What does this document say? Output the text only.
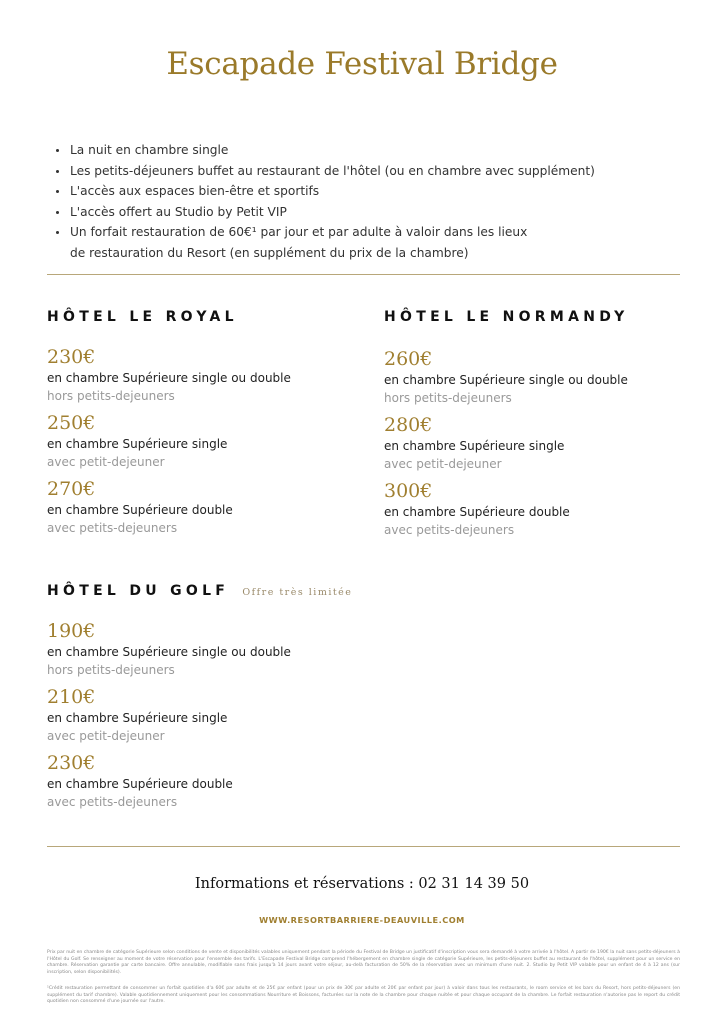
Escapade Festival Bridge
La nuit en chambre single
Les petits-déjeuners buffet au restaurant de l'hôtel (ou en chambre avec supplément)
L'accès aux espaces bien-être et sportifs
L'accès offert au Studio by Petit VIP
Un forfait restauration de 60€¹ par jour et par adulte à valoir dans les lieux de restauration du Resort (en supplément du prix de la chambre)
HÔTEL LE ROYAL
230€
en chambre Supérieure single ou double
hors petits-dejeuners
250€
en chambre Supérieure single
avec petit-dejeuner
270€
en chambre Supérieure double
avec petits-dejeuners
HÔTEL LE NORMANDY
260€
en chambre Supérieure single ou double
hors petits-dejeuners
280€
en chambre Supérieure single
avec petit-dejeuner
300€
en chambre Supérieure double
avec petits-dejeuners
HÔTEL DU GOLF Offre très limitée
190€
en chambre Supérieure single ou double
hors petits-dejeuners
210€
en chambre Supérieure single
avec petit-dejeuner
230€
en chambre Supérieure double
avec petits-dejeuners
Informations et réservations : 02 31 14 39 50
WWW.RESORTBARRIERE-DEAUVILLE.COM
Prix par nuit en chambre de catégorie Supérieure selon conditions de vente et disponibilités valables uniquement pendant la période du Festival de Bridge un justificatif d'inscription vous sera demandé à votre arrivée à l'hôtel. A partir de 190€ la nuit sans petits-déjeuners à l'Hôtel du Golf. Se renseigner au moment de votre réservation pour l'ensemble des tarifs. L'Escapade Festival Bridge comprend l'hébergement en chambre single de catégorie Supérieure, les petits-déjeuners buffet au restaurant de l'hôtel, supplément pour un service en chambre. Réservation garantie par carte bancaire. Offre annulable, modifiable sans frais jusqu'à 14 jours avant votre séjour, au-delà facturation de 50% de la réservation avec un minimum d'une nuit. 2. Studio by Petit VIP valable pour un enfant de 4 à 12 ans (sur inscription, selon disponibilités).
¹Crédit restauration permettant de consommer un forfait quotidien d'a 60€ par adulte et de 25€ par enfant (pour un prix de 30€ par adulte et 20€ par enfant par jour) à valoir dans tous les restaurants, le room service et les bars du Resort, hors petits-déjeuners (en supplément du tarif chambre). Valable quotidiennement uniquement pour les consommations Nourriture et Boissons, facturées sur la note de la chambre pour chaque nuitée et pour chaque occupant de la chambre. Le forfait restauration n'autorise pas le report du crédit quotidien non consommé d'une journée sur l'autre.
